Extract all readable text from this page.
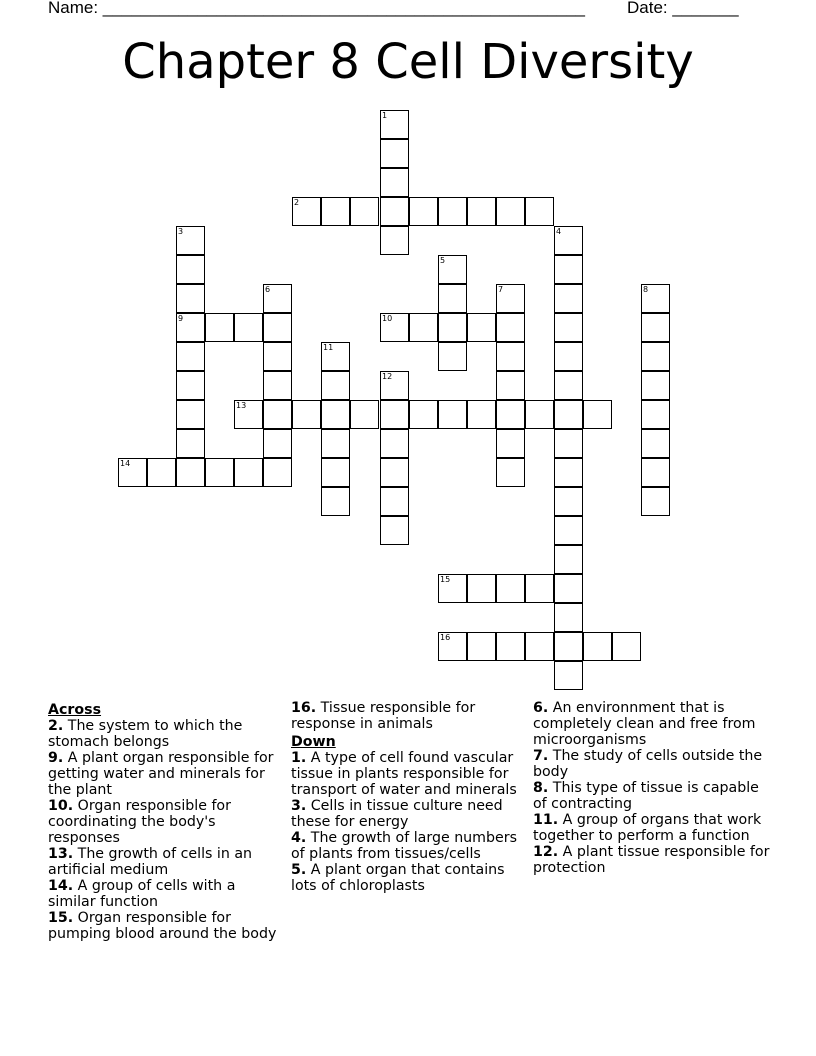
Name: ___________________________________________________ Date: _______
Chapter 8 Cell Diversity
1
2
3
9
4
5
6	7	8
10
11
12
13
14
15
16
Across

2. The system to which the stomach belongs

9. A plant organ responsible for getting water and minerals for the plant

10. Organ responsible for coordinating the body's responses

13. The growth of cells in an artificial medium

14. A group of cells with a similar function

15. Organ responsible for pumping blood around the body

16. Tissue responsible for response in animals

Down

1. A type of cell found vascular tissue in plants responsible for transport of water and minerals

3. Cells in tissue culture need these for energy

4. The growth of large numbers of plants from tissues/cells

5. A plant organ that contains lots of chloroplasts

6. An environnment that is completely clean and free from microorganisms

7. The study of cells outside the body

8. This type of tissue is capable of contracting

11. A group of organs that work together to perform a function

12. A plant tissue responsible for protection
